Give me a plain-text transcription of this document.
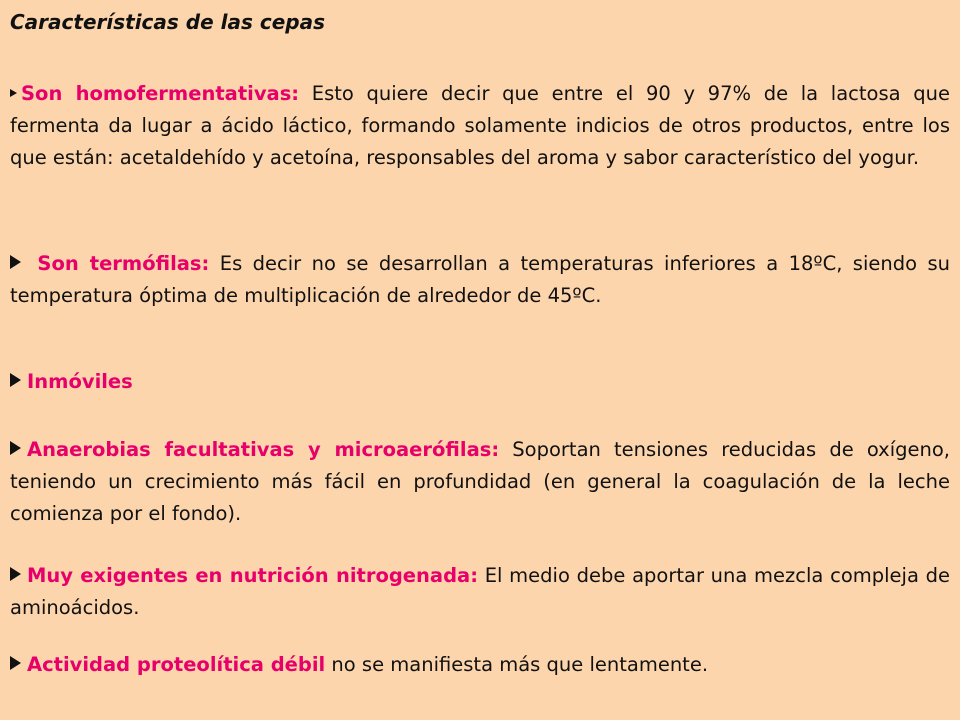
Características de las cepas

Son homofermentativas: Esto quiere decir que entre el 90 y 97% de la lactosa que fermenta da lugar a ácido láctico, formando solamente indicios de otros productos, entre los que están: acetaldehído y acetoína, responsables del aroma y sabor característico del yogur.

Son termófilas: Es decir no se desarrollan a temperaturas inferiores a 18ºC, siendo su temperatura óptima de multiplicación de alrededor de 45ºC.

Inmóviles

Anaerobias facultativas y microaerófilas: Soportan tensiones reducidas de oxígeno, teniendo un crecimiento más fácil en profundidad (en general la coagulación de la leche comienza por el fondo).

Muy exigentes en nutrición nitrogenada: El medio debe aportar una mezcla compleja de aminoácidos.

Actividad proteolítica débil no se manifiesta más que lentamente.
